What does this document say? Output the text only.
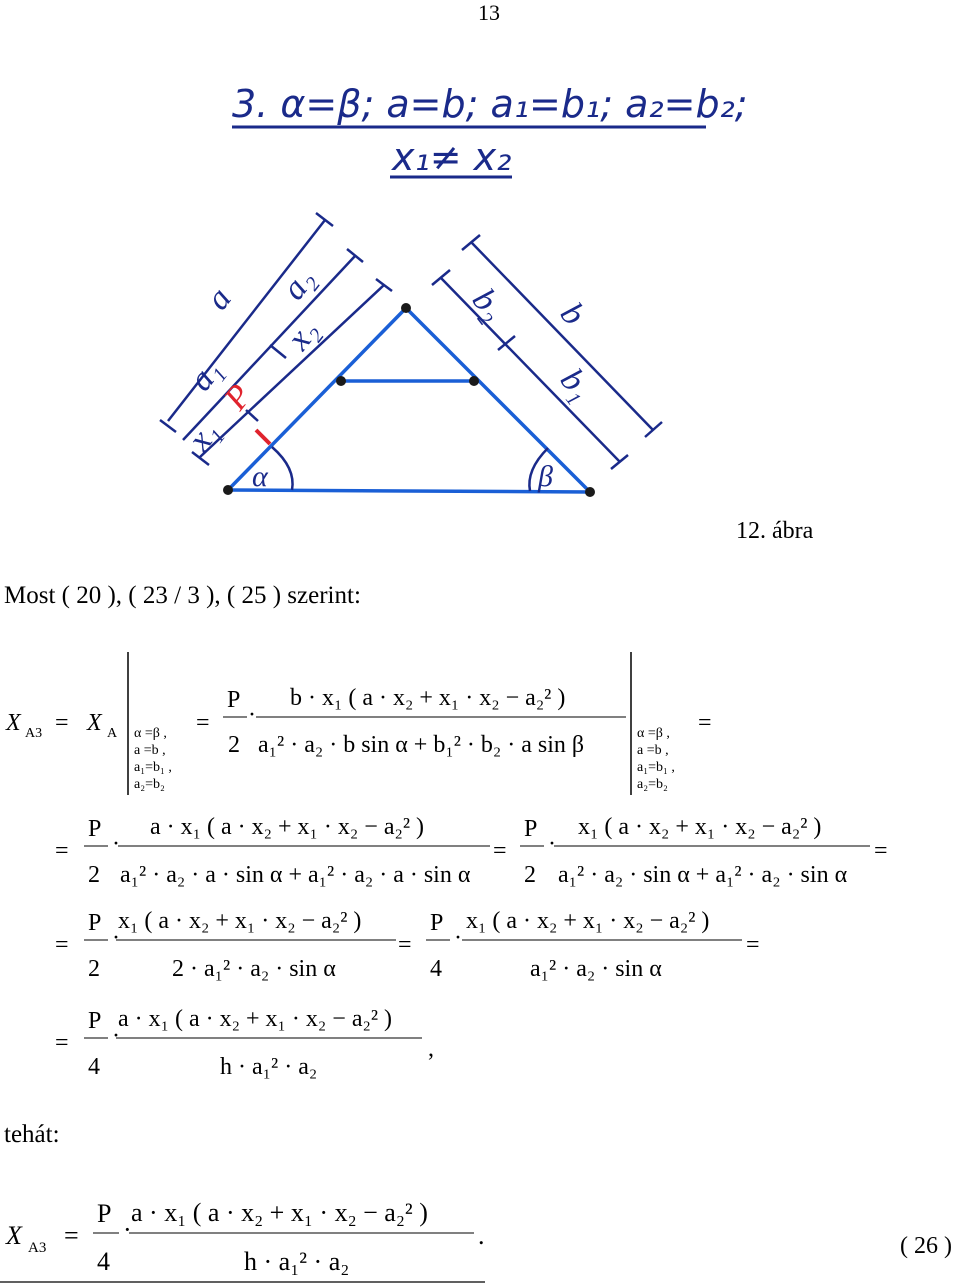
13
3. α=β; a=b; a₁=b₁; a₂=b₂;
x₁≠ x₂
a a₂
x₂
a₁
P
x₁
b₂ b
b₁
α	β
12. ábra
Most ( 20 ), ( 23 / 3 ), ( 25 ) szerint:
X A3 = X A α =β ,
a =b ,
a₁=b₁ ,
a₂=b₂
=
P
2
·
b · x₁ ( a · x₂ + x₁ · x₂ − a₂² )
a₁² · a₂ · b sin α + b₁² · b₂ · a sin β	α =β ,
a =b ,
a₁=b₁ ,
a₂=b₂
=
=
P
2
·
a · x₁ ( a · x₂ + x₁ · x₂ − a₂² )
a₁² · a₂ · a · sin α + a₁² · a₂ · a · sin α
=
P
2
·
x₁ ( a · x₂ + x₁ · x₂ − a₂² )
a₁² · a₂ · sin α + a₁² · a₂ · sin α
=
=
P
2
·
x₁ ( a · x₂ + x₁ · x₂ − a₂² )
2 · a₁² · a₂ · sin α
=
P
4
·
x₁ ( a · x₂ + x₁ · x₂ − a₂² )
a₁² · a₂ · sin α
=
=
P
4
·
a · x₁ ( a · x₂ + x₁ · x₂ − a₂² )
h · a₁² · a₂
,
tehát:
X A3 =
P
4
·
a · x₁ ( a · x₂ + x₁ · x₂ − a₂² )
h · a₁² · a₂
.	( 26 )
